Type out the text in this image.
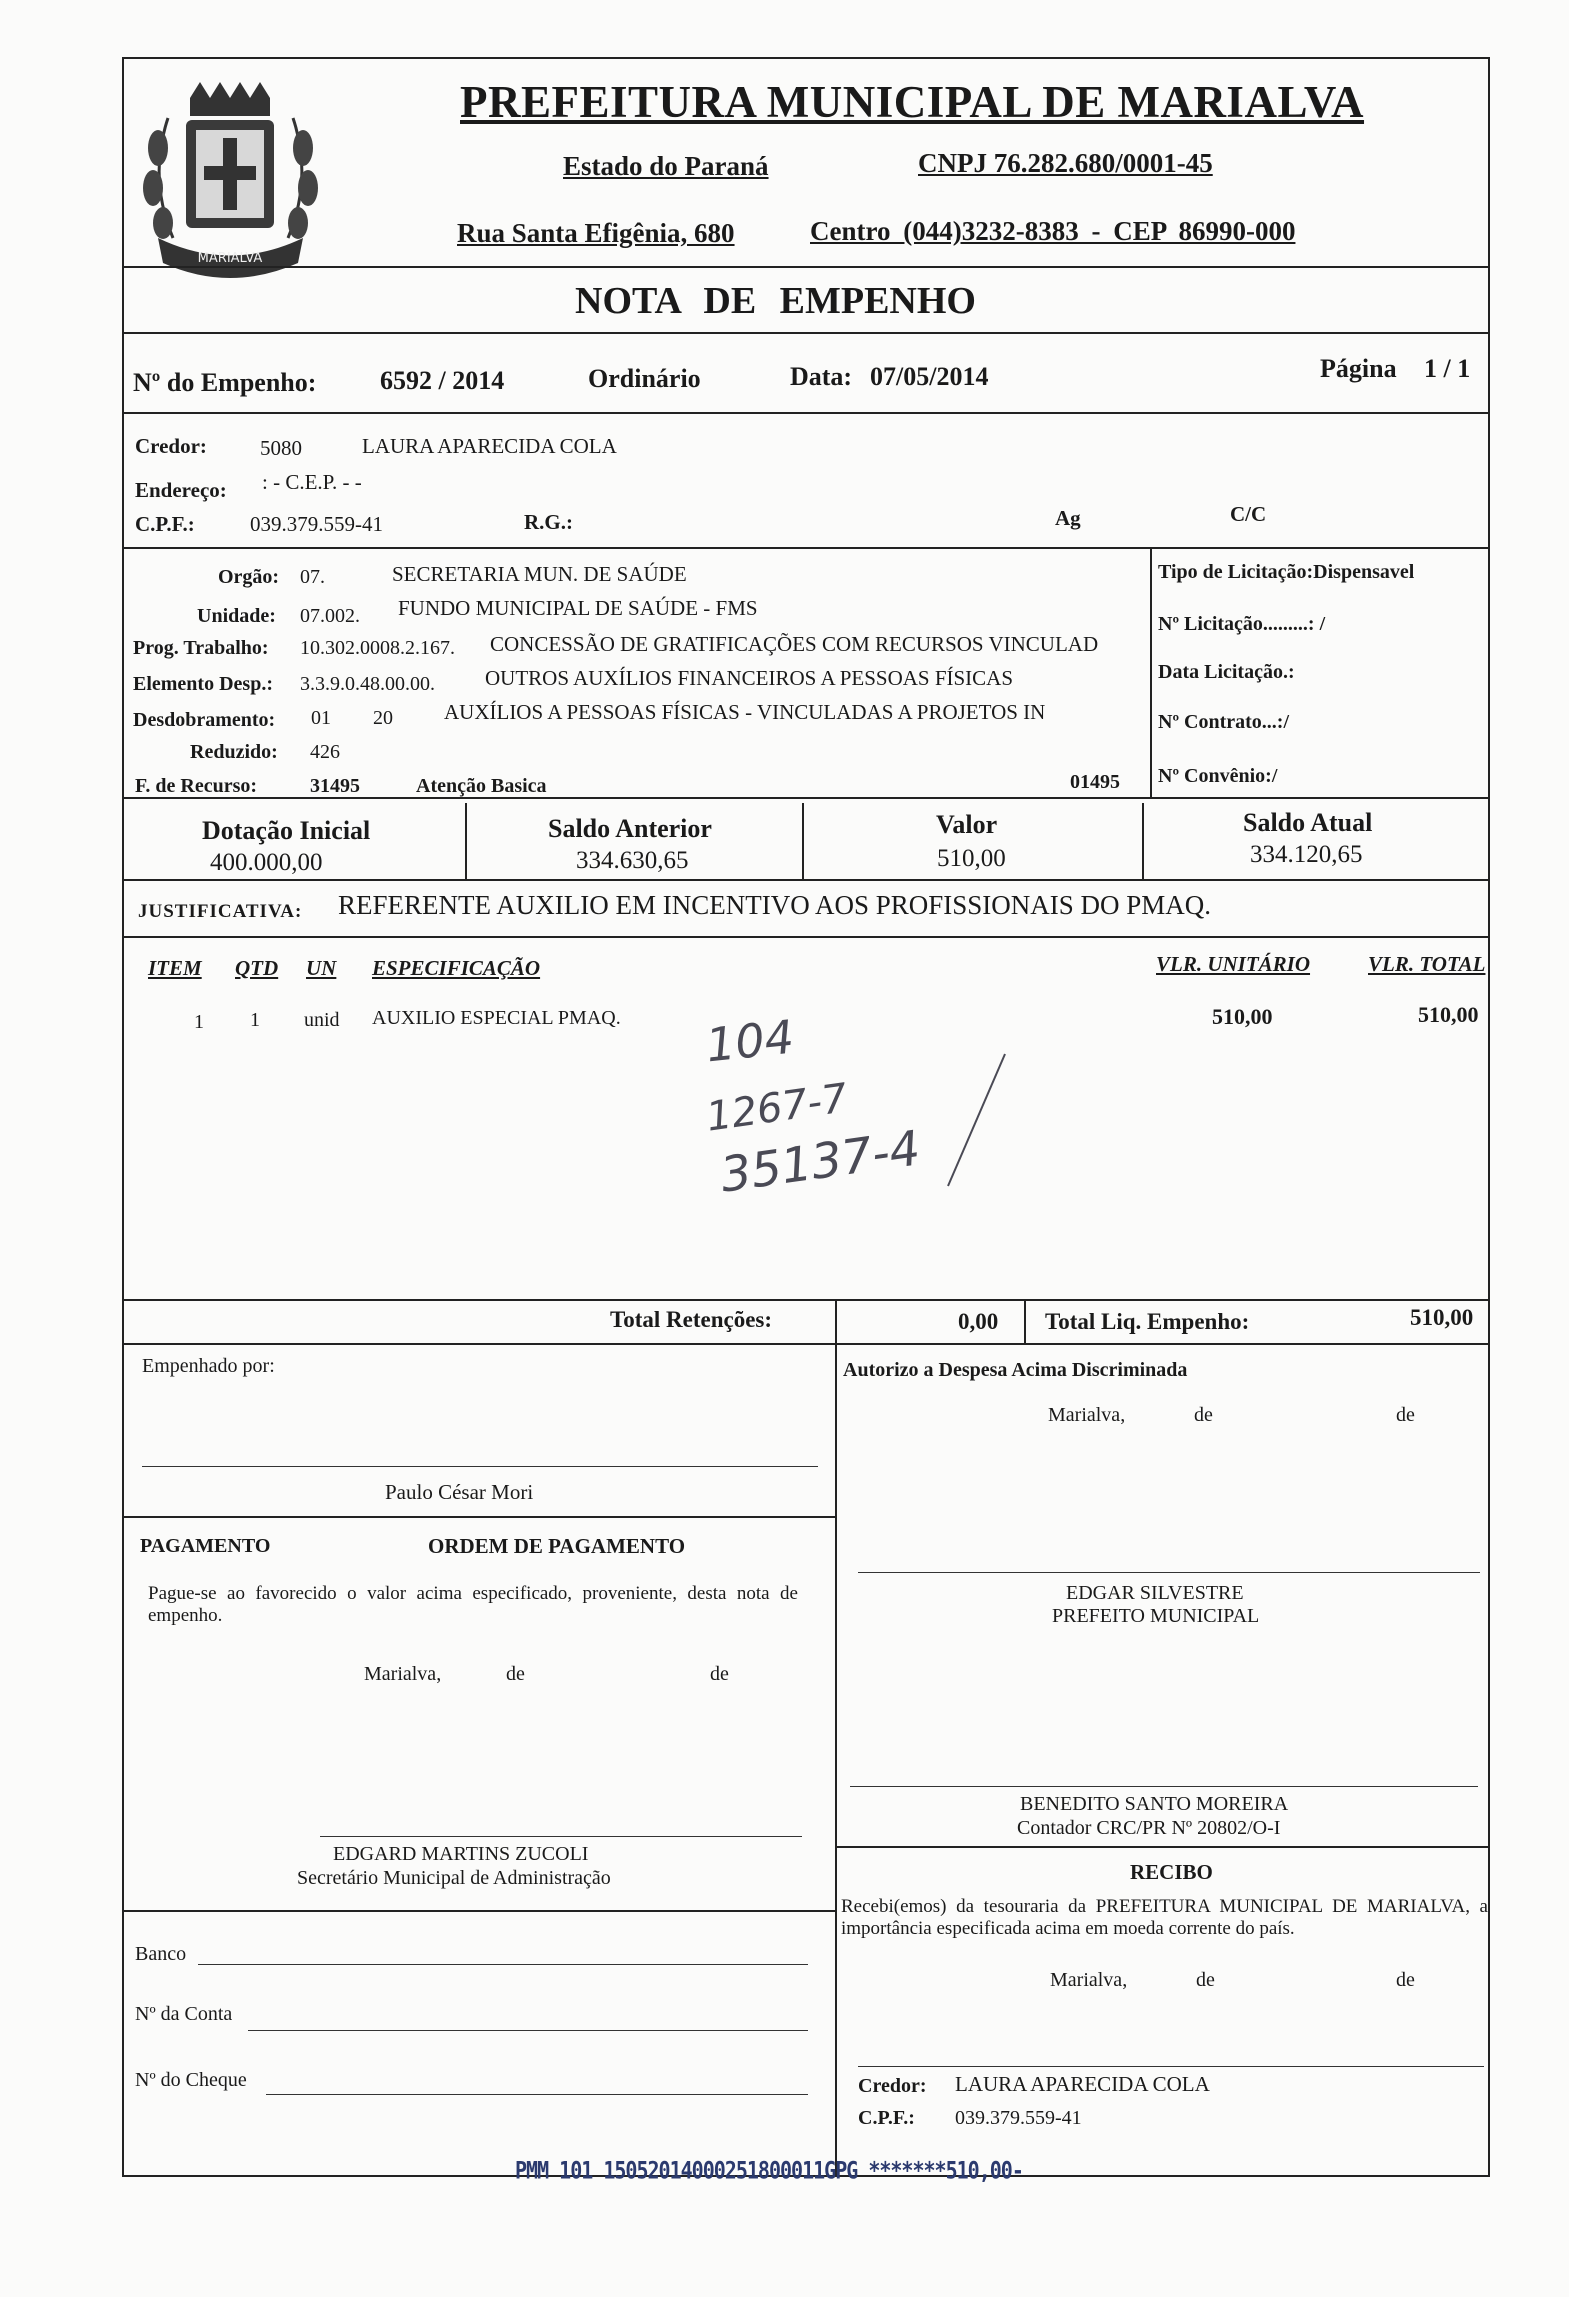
MARIALVA
PREFEITURA MUNICIPAL DE MARIALVA
Estado do Paraná	CNPJ 76.282.680/0001-45
Rua Santa Efigênia, 680	Centro (044)3232-8383 - CEP 86990-000
NOTA DE EMPENHO
Nº do Empenho: 6592 / 2014	Ordinário	Data: 07/05/2014	Página 1 / 1
Credor:	5080	LAURA APARECIDA COLA
Endereço: : - C.E.P. - -
C.P.F.:	039.379.559-41	R.G.:	Ag	C/C
Orgão: 07.	SECRETARIA MUN. DE SAÚDE
Unidade: 07.002. FUNDO MUNICIPAL DE SAÚDE - FMS
Prog. Trabalho: 10.302.0008.2.167. CONCESSÃO DE GRATIFICAÇÕES COM RECURSOS VINCULAD
Elemento Desp.: 3.3.9.0.48.00.00. OUTROS AUXÍLIOS FINANCEIROS A PESSOAS FÍSICAS
Desdobramento: 01 20 AUXÍLIOS A PESSOAS FÍSICAS - VINCULADAS A PROJETOS IN
Reduzido: 426
F. de Recurso:	31495	Atenção Basica	01495
Tipo de Licitação:Dispensavel
Nº Licitação.........: /
Data Licitação.:
Nº Contrato...:/
Nº Convênio:/
Dotação Inicial
400.000,00
Saldo Anterior
334.630,65
Valor
510,00
Saldo Atual
334.120,65
JUSTIFICATIVA: REFERENTE AUXILIO EM INCENTIVO AOS PROFISSIONAIS DO PMAQ.
ITEM QTD UN ESPECIFICAÇÃO	VLR. UNITÁRIO	VLR. TOTAL
1 1 unid AUXILIO ESPECIAL PMAQ.	510,00	510,00
104
1267-7
35137-4
Total Retenções:	0,00 Total Liq. Empenho:	510,00
Empenhado por:
Paulo César Mori
PAGAMENTO	ORDEM DE PAGAMENTO
Pague-se ao favorecido o valor acima especificado, proveniente, desta nota de empenho.
Marialva,	de	de
EDGARD MARTINS ZUCOLI
Secretário Municipal de Administração
Banco
Nº da Conta
Nº do Cheque
Autorizo a Despesa Acima Discriminada
Marialva,	de	de
EDGAR SILVESTRE
PREFEITO MUNICIPAL
BENEDITO SANTO MOREIRA
Contador CRC/PR Nº 20802/O-I
RECIBO
Recebi(emos) da tesouraria da PREFEITURA MUNICIPAL DE MARIALVA, a importância especificada acima em moeda corrente do país.
Marialva,	de	de
Credor: LAURA APARECIDA COLA
C.P.F.: 039.379.559-41
PMM 101 15052014000251800011GPG *******510,00-
